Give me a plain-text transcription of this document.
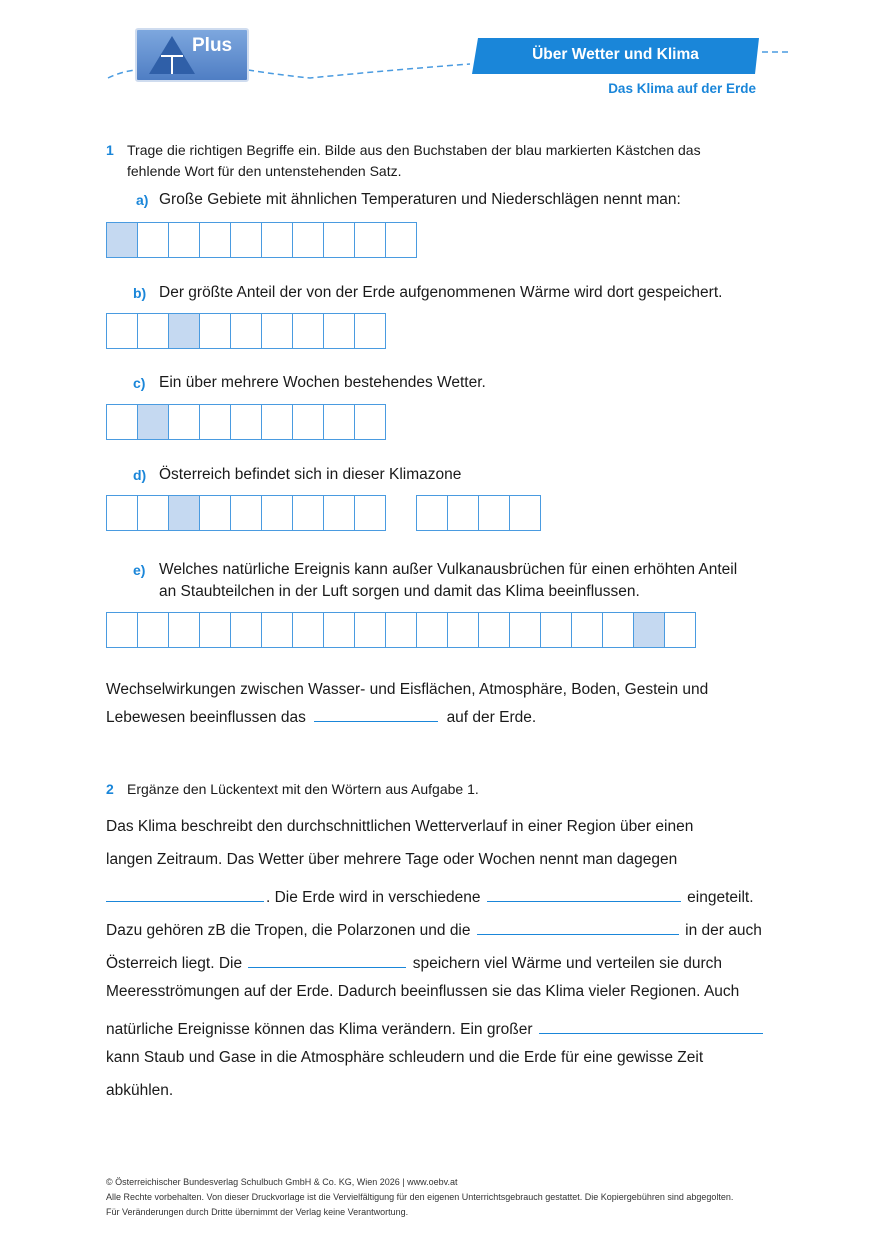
Plus	Über Wetter und Klima
Das Klima auf der Erde
1 Trage die richtigen Begriffe ein. Bilde aus den Buchstaben der blau markierten Kästchen das
fehlende Wort für den untenstehenden Satz.
a) Große Gebiete mit ähnlichen Temperaturen und Niederschlägen nennt man:
b) Der größte Anteil der von der Erde aufgenommenen Wärme wird dort gespeichert.
c) Ein über mehrere Wochen bestehendes Wetter.
d) Österreich befindet sich in dieser Klimazone
e) Welches natürliche Ereignis kann außer Vulkanausbrüchen für einen erhöhten Anteil
an Staubteilchen in der Luft sorgen und damit das Klima beeinflussen.
Wechselwirkungen zwischen Wasser- und Eisflächen, Atmosphäre, Boden, Gestein und
Lebewesen beeinflussen das	auf der Erde.
2 Ergänze den Lückentext mit den Wörtern aus Aufgabe 1.
Das Klima beschreibt den durchschnittlichen Wetterverlauf in einer Region über einen
langen Zeitraum. Das Wetter über mehrere Tage oder Wochen nennt man dagegen
. Die Erde wird in verschiedene	eingeteilt.
Dazu gehören zB die Tropen, die Polarzonen und die	in der auch
Österreich liegt. Die	speichern viel Wärme und verteilen sie durch
Meeresströmungen auf der Erde. Dadurch beeinflussen sie das Klima vieler Regionen. Auch
natürliche Ereignisse können das Klima verändern. Ein großer
kann Staub und Gase in die Atmosphäre schleudern und die Erde für eine gewisse Zeit
abkühlen.
© Österreichischer Bundesverlag Schulbuch GmbH & Co. KG, Wien 2026 | www.oebv.at
Alle Rechte vorbehalten. Von dieser Druckvorlage ist die Vervielfältigung für den eigenen Unterrichtsgebrauch gestattet. Die Kopiergebühren sind abgegolten.
Für Veränderungen durch Dritte übernimmt der Verlag keine Verantwortung.
